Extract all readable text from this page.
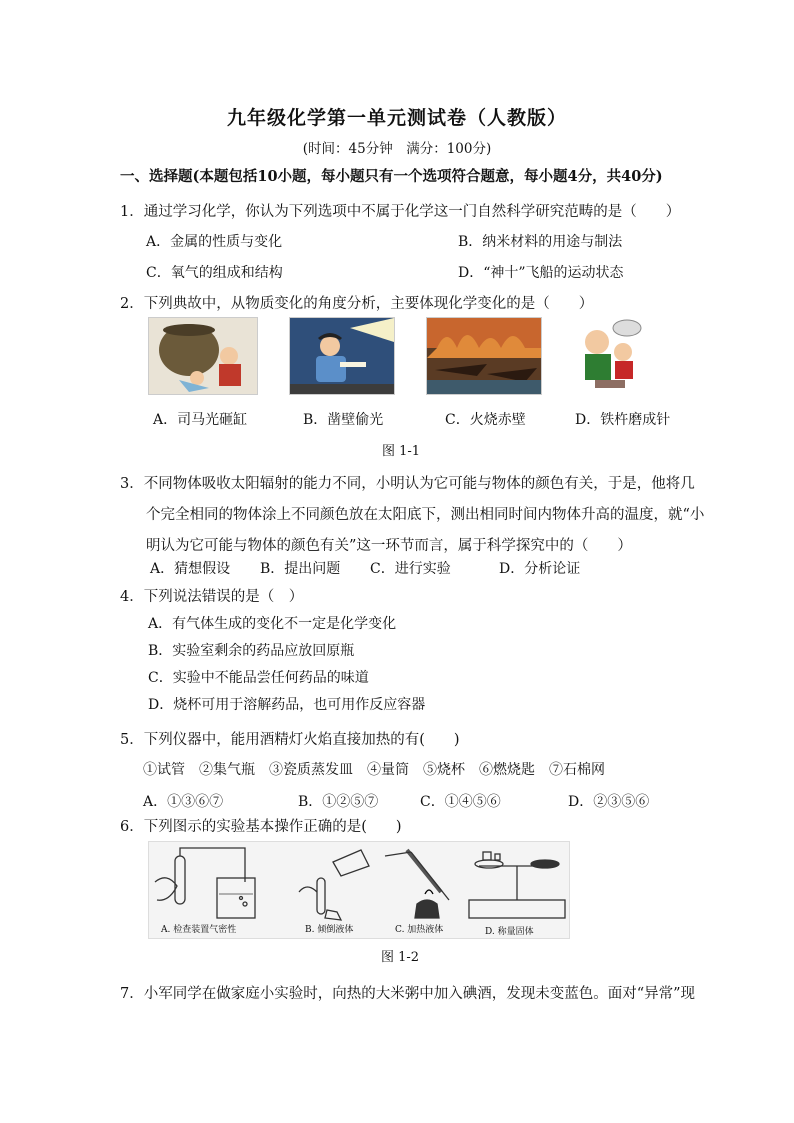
九年级化学第一单元测试卷（人教版）
(时间：45分钟　满分：100分)
一、选择题(本题包括10小题，每小题只有一个选项符合题意，每小题4分，共40分)
1．通过学习化学，你认为下列选项中不属于化学这一门自然科学研究范畴的是（　　）
A．金属的性质与变化	B．纳米材料的用途与制法
C．氧气的组成和结构	D．“神十”飞船的运动状态
2．下列典故中，从物质变化的角度分析，主要体现化学变化的是（　　）
A．司马光砸缸	B．凿壁偷光	C．火烧赤壁	D．铁杵磨成针
图 1-1
3．不同物体吸收太阳辐射的能力不同，小明认为它可能与物体的颜色有关，于是，他将几
个完全相同的物体涂上不同颜色放在太阳底下，测出相同时间内物体升高的温度，就“小
明认为它可能与物体的颜色有关”这一环节而言，属于科学探究中的（　　）
A．猜想假设 B．提出问题 C．进行实验	D．分析论证
4．下列说法错误的是（　）
A．有气体生成的变化不一定是化学变化
B．实验室剩余的药品应放回原瓶
C．实验中不能品尝任何药品的味道
D．烧杯可用于溶解药品，也可用作反应容器
5．下列仪器中，能用酒精灯火焰直接加热的有(　　)
①试管　②集气瓶　③瓷质蒸发皿　④量筒　⑤烧杯　⑥燃烧匙　⑦石棉网
A．①③⑥⑦	B．①②⑤⑦	C．①④⑤⑥	D．②③⑤⑥
6．下列图示的实验基本操作正确的是(　　)
A. 检查装置气密性	B. 倾倒液体	C. 加热液体	D. 称量固体
图 1-2
7．小军同学在做家庭小实验时，向热的大米粥中加入碘酒，发现未变蓝色。面对“异常”现
